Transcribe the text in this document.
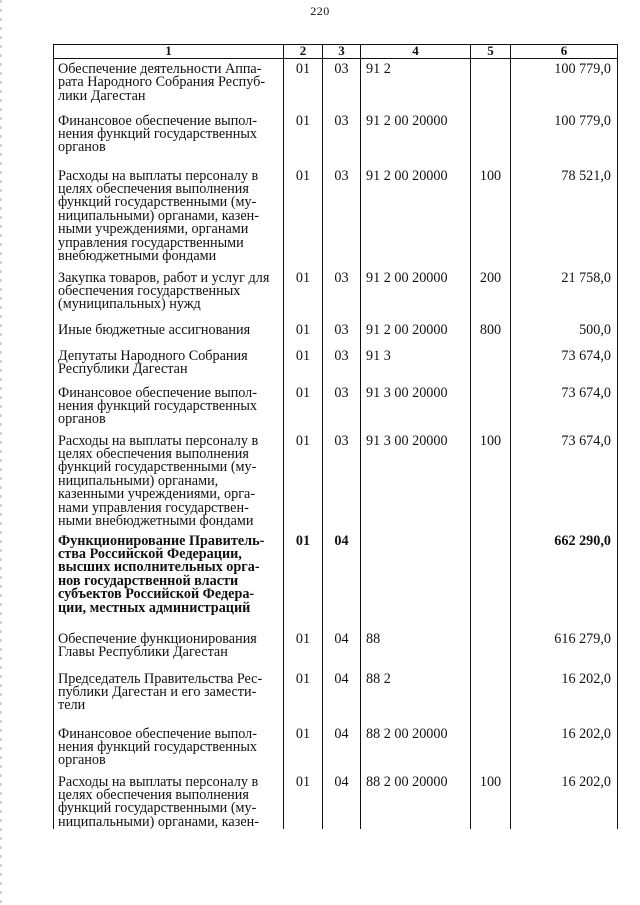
220
1	2	3	4	5	6

Обеспечение деятельности Аппа-рата Народного Собрания Респуб-лики Дагестан	01	03	91 2		100 779,0

Финансовое обеспечение выпол-нения функций государственных органов	01	03	91 2 00 20000		100 779,0

Расходы на выплаты персоналу в целях обеспечения выполнения функций государственными (му-ниципальными) органами, казен-ными учреждениями, органами управления государственными внебюджетными фондами	01	03	91 2 00 20000	100	78 521,0

Закупка товаров, работ и услуг для обеспечения государственных (муниципальных) нужд	01	03	91 2 00 20000	200	21 758,0

Иные бюджетные ассигнования	01	03	91 2 00 20000	800	500,0

Депутаты Народного Собрания Республики Дагестан	01	03	91 3		73 674,0

Финансовое обеспечение выпол-нения функций государственных органов	01	03	91 3 00 20000		73 674,0

Расходы на выплаты персоналу в целях обеспечения выполнения функций государственными (му-ниципальными) органами, казенными учреждениями, орга-нами управления государствен-ными внебюджетными фондами	01	03	91 3 00 20000	100	73 674,0

Функционирование Правитель-ства Российской Федерации, высших исполнительных орга-нов государственной власти субъектов Российской Федера-ции, местных администраций	01	04			662 290,0

Обеспечение функционирования Главы Республики Дагестан	01	04	88		616 279,0

Председатель Правительства Рес-публики Дагестан и его замести-тели	01	04	88 2		16 202,0

Финансовое обеспечение выпол-нения функций государственных органов	01	04	88 2 00 20000		16 202,0

Расходы на выплаты персоналу в целях обеспечения выполнения функций государственными (му-ниципальными) органами, казен-	01	04	88 2 00 20000	100	16 202,0
